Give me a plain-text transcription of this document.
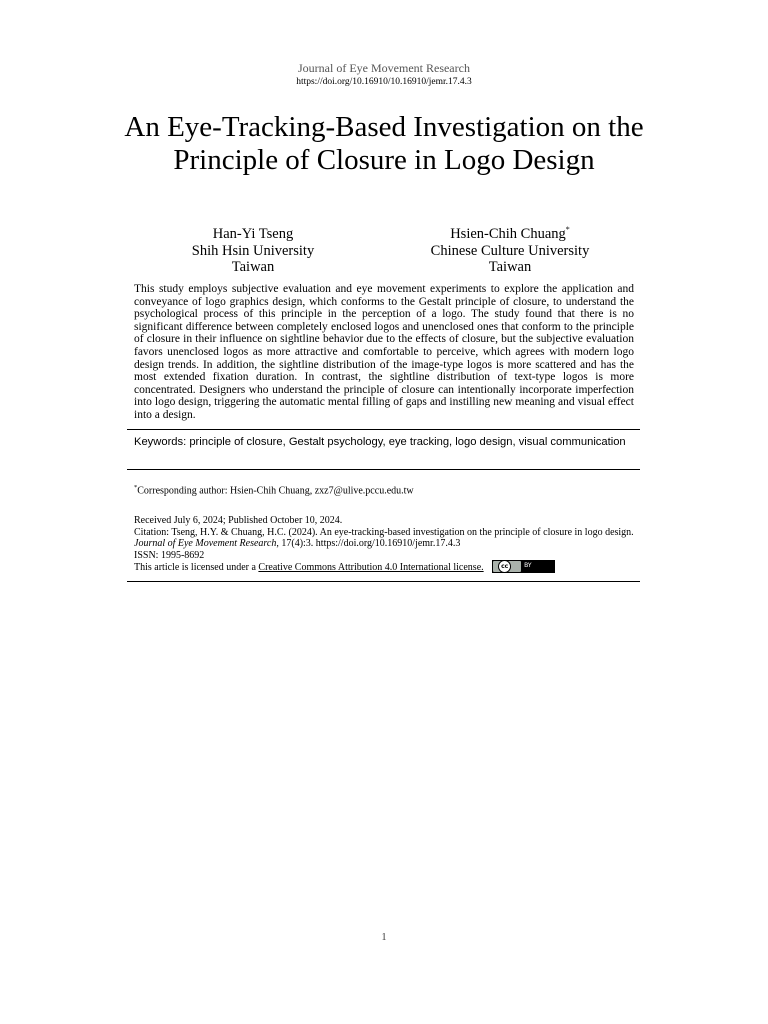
Journal of Eye Movement Research
https://doi.org/10.16910/10.16910/jemr.17.4.3
An Eye-Tracking-Based Investigation on the Principle of Closure in Logo Design
Han-Yi Tseng
Shih Hsin University
Taiwan
Hsien-Chih Chuang*
Chinese Culture University
Taiwan

This study employs subjective evaluation and eye movement experiments to explore the application and conveyance of logo graphics design, which conforms to the Gestalt principle of closure, to understand the psychological process of this principle in the perception of a logo. The study found that there is no significant difference between completely enclosed logos and unenclosed ones that conform to the principle of closure in their influence on sightline behavior due to the effects of closure, but the subjective evaluation favors unenclosed logos as more attractive and comfortable to perceive, which agrees with modern logo design trends. In addition, the sightline distribution of the image-type logos is more scattered and has the most extended fixation duration. In contrast, the sightline distribution of text-type logos is more concentrated. Designers who understand the principle of closure can intentionally incorporate imperfection into logo design, triggering the automatic mental filling of gaps and instilling new meaning and visual effect into a design.

Keywords: principle of closure, Gestalt psychology, eye tracking, logo design, visual communication
*Corresponding author: Hsien-Chih Chuang, zxz7@ulive.pccu.edu.tw
Received July 6, 2024; Published October 10, 2024.
Citation: Tseng, H.Y. & Chuang, H.C. (2024). An eye-tracking-based investigation on the principle of closure in logo design. Journal of Eye Movement Research, 17(4):3. https://doi.org/10.16910/jemr.17.4.3
ISSN: 1995-8692
This article is licensed under a Creative Commons Attribution 4.0 International license.	cc	BY
1
